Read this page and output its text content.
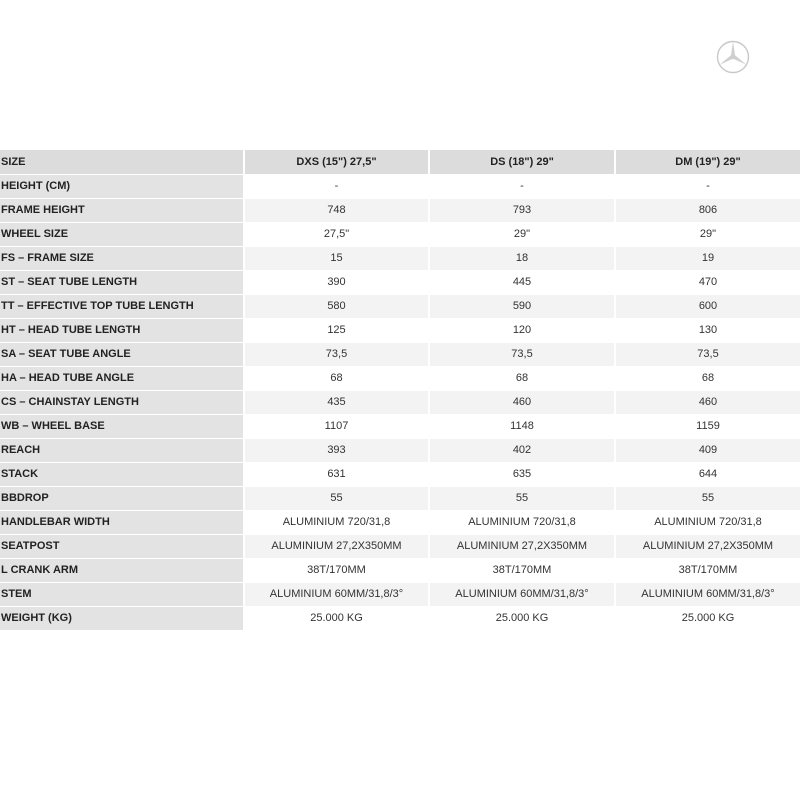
SIZE	DXS (15") 27,5"	DS (18") 29"	DM (19") 29"
HEIGHT (CM)	-	-	-
FRAME HEIGHT	748	793	806
WHEEL SIZE	27,5"	29"	29"
FS – FRAME SIZE	15	18	19
ST – SEAT TUBE LENGTH	390	445	470
TT – EFFECTIVE TOP TUBE LENGTH	580	590	600
HT – HEAD TUBE LENGTH	125	120	130
SA – SEAT TUBE ANGLE	73,5	73,5	73,5
HA – HEAD TUBE ANGLE	68	68	68
CS – CHAINSTAY LENGTH	435	460	460
WB – WHEEL BASE	1107	1148	1159
REACH	393	402	409
STACK	631	635	644
BBDROP	55	55	55
HANDLEBAR WIDTH	ALUMINIUM 720/31,8	ALUMINIUM 720/31,8	ALUMINIUM 720/31,8
SEATPOST	ALUMINIUM 27,2X350MM	ALUMINIUM 27,2X350MM	ALUMINIUM 27,2X350MM
L CRANK ARM	38T/170MM	38T/170MM	38T/170MM
STEM	ALUMINIUM 60MM/31,8/3°	ALUMINIUM 60MM/31,8/3°	ALUMINIUM 60MM/31,8/3°
WEIGHT (KG)	25.000 KG	25.000 KG	25.000 KG
